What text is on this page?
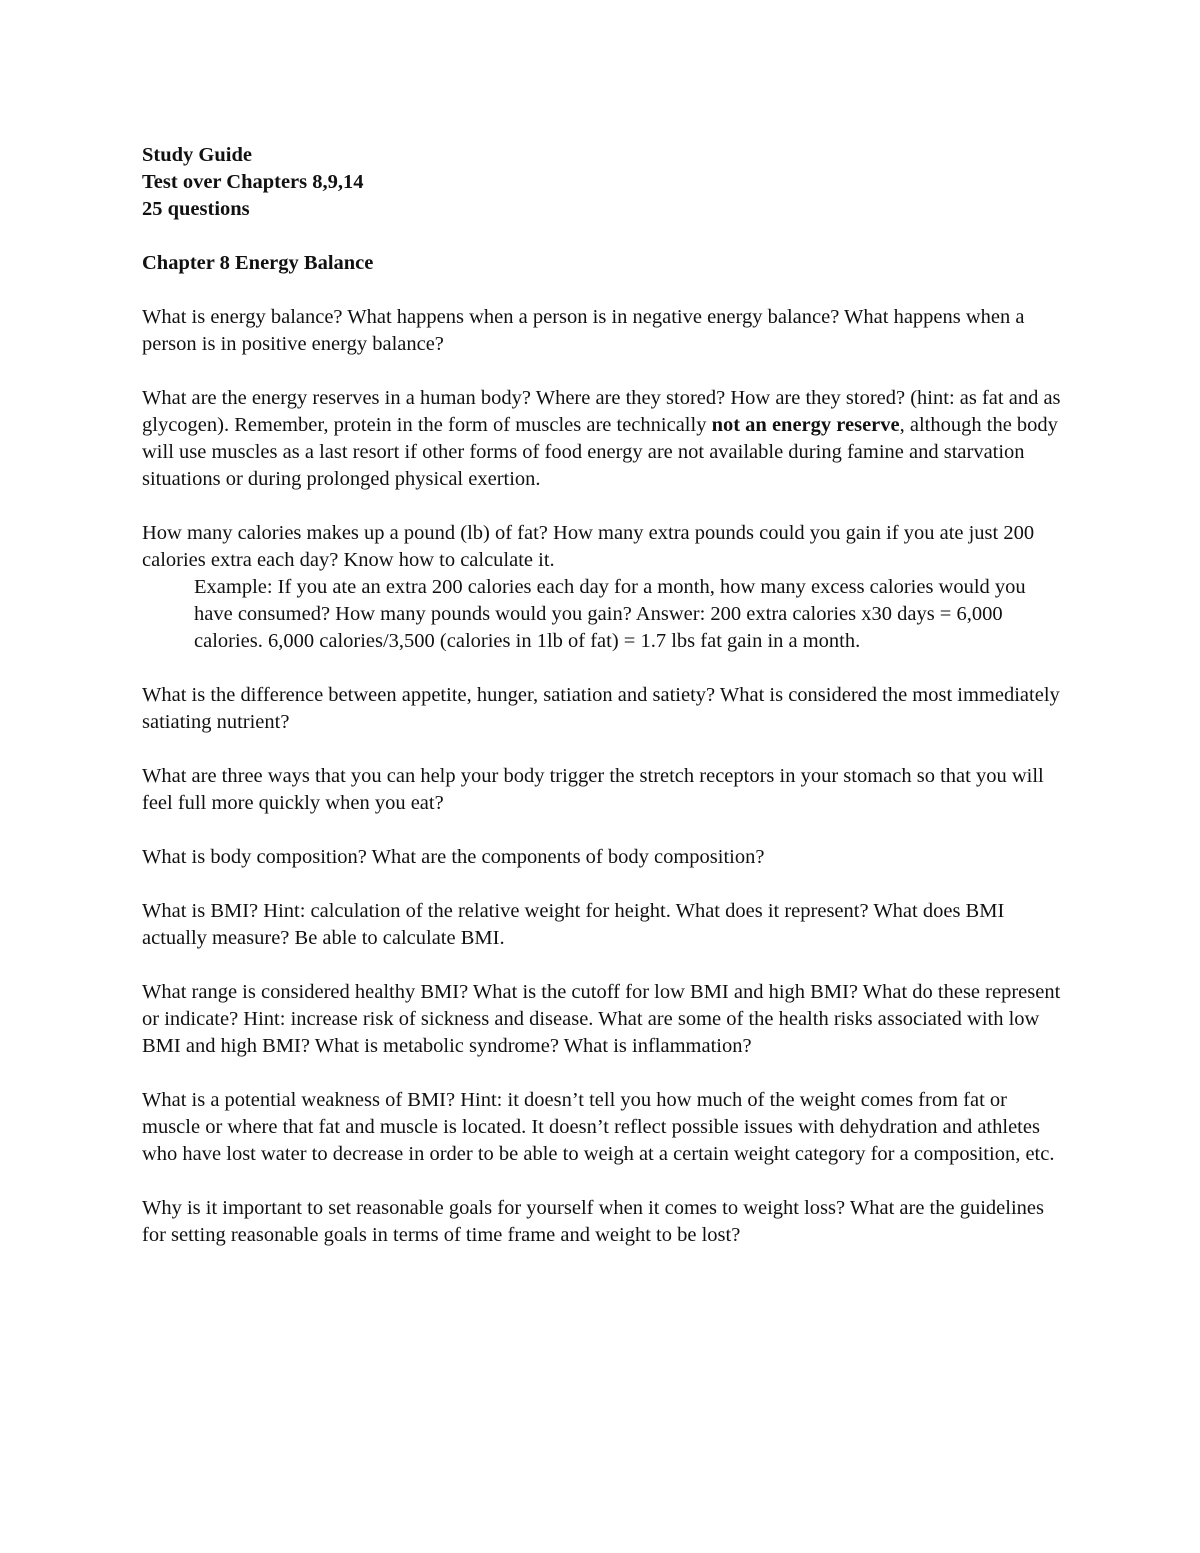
Study Guide

Test over Chapters 8,9,14

25 questions

Chapter 8 Energy Balance

What is energy balance? What happens when a person is in negative energy balance? What happens when a person is in positive energy balance?

What are the energy reserves in a human body? Where are they stored? How are they stored? (hint: as fat and as glycogen). Remember, protein in the form of muscles are technically not an energy reserve, although the body will use muscles as a last resort if other forms of food energy are not available during famine and starvation situations or during prolonged physical exertion.

How many calories makes up a pound (lb) of fat? How many extra pounds could you gain if you ate just 200 calories extra each day? Know how to calculate it.

Example: If you ate an extra 200 calories each day for a month, how many excess calories would you have consumed? How many pounds would you gain? Answer: 200 extra calories x30 days = 6,000 calories. 6,000 calories/3,500 (calories in 1lb of fat) = 1.7 lbs fat gain in a month.

What is the difference between appetite, hunger, satiation and satiety? What is considered the most immediately satiating nutrient?

What are three ways that you can help your body trigger the stretch receptors in your stomach so that you will feel full more quickly when you eat?

What is body composition? What are the components of body composition?

What is BMI? Hint: calculation of the relative weight for height. What does it represent? What does BMI actually measure? Be able to calculate BMI.

What range is considered healthy BMI? What is the cutoff for low BMI and high BMI? What do these represent or indicate? Hint: increase risk of sickness and disease. What are some of the health risks associated with low BMI and high BMI? What is metabolic syndrome? What is inflammation?

What is a potential weakness of BMI? Hint: it doesn’t tell you how much of the weight comes from fat or muscle or where that fat and muscle is located. It doesn’t reflect possible issues with dehydration and athletes who have lost water to decrease in order to be able to weigh at a certain weight category for a composition, etc.

Why is it important to set reasonable goals for yourself when it comes to weight loss? What are the guidelines for setting reasonable goals in terms of time frame and weight to be lost?
